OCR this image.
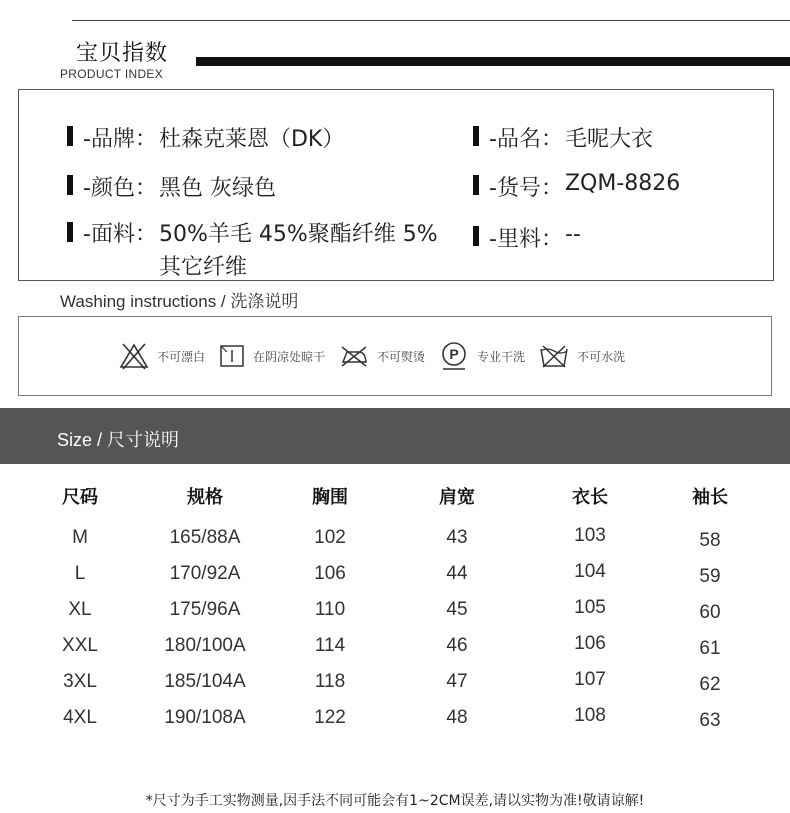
宝贝指数
PRODUCT INDEX
-品牌： 杜森克莱恩（DK）	-品名： 毛呢大衣
-颜色： 黑色 灰绿色	-货号： ZQM-8826
-面料： 50%羊毛 45%聚酯纤维 5%其它纤维
-里料： --
Washing instructions / 洗涤说明
不可漂白	在阴凉处晾干	不可熨烫 P 专业干洗	不可水洗
Size / 尺寸说明
尺码	规格	胸围	肩宽	衣长	袖长
M	165/88A	102	43	103	58
L	170/92A	106	44	104	59
XL	175/96A	110	45	105	60
XXL	180/100A	114	46	106	61
3XL	185/104A	118	47	107	62
4XL	190/108A	122	48	108	63
*尺寸为手工实物测量,因手法不同可能会有1~2CM误差,请以实物为准!敬请谅解!
